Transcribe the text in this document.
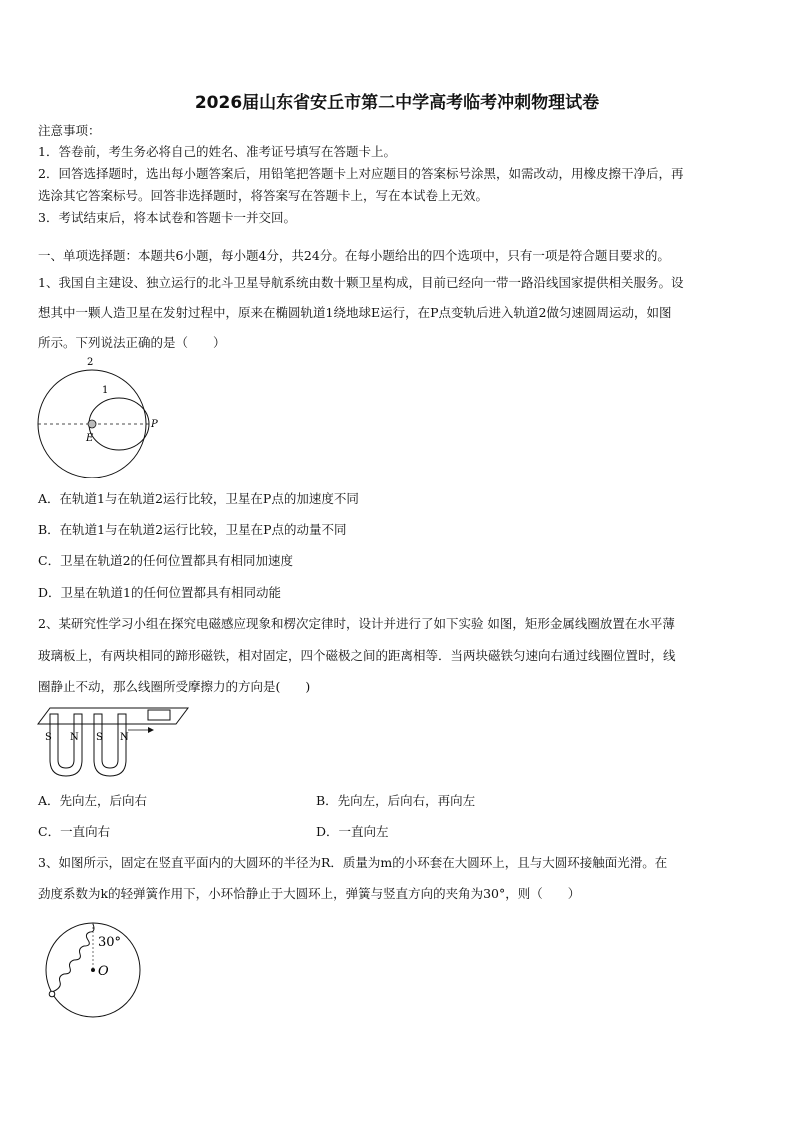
2026届山东省安丘市第二中学高考临考冲刺物理试卷
注意事项：
1．答卷前，考生务必将自己的姓名、准考证号填写在答题卡上。
2．回答选择题时，选出每小题答案后，用铅笔把答题卡上对应题目的答案标号涂黑，如需改动，用橡皮擦干净后，再
选涂其它答案标号。回答非选择题时，将答案写在答题卡上，写在本试卷上无效。
3．考试结束后，将本试卷和答题卡一并交回。
一、单项选择题：本题共6小题，每小题4分，共24分。在每小题给出的四个选项中，只有一项是符合题目要求的。
1、我国自主建设、独立运行的北斗卫星导航系统由数十颗卫星构成，目前已经向一带一路沿线国家提供相关服务。设
想其中一颗人造卫星在发射过程中，原来在椭圆轨道1绕地球E运行，在P点变轨后进入轨道2做匀速圆周运动，如图
所示。下列说法正确的是（　　）
2
1
E
P
A．在轨道1与在轨道2运行比较，卫星在P点的加速度不同
B．在轨道1与在轨道2运行比较，卫星在P点的动量不同
C．卫星在轨道2的任何位置都具有相同加速度
D．卫星在轨道1的任何位置都具有相同动能
2、某研究性学习小组在探究电磁感应现象和楞次定律时，设计并进行了如下实验 如图，矩形金属线圈放置在水平薄
玻璃板上，有两块相同的蹄形磁铁，相对固定，四个磁极之间的距离相等．当两块磁铁匀速向右通过线圈位置时，线
圈静止不动，那么线圈所受摩擦力的方向是(　　)
S N S N
A．先向左，后向右	B．先向左，后向右，再向左
C．一直向右	D．一直向左
3、如图所示，固定在竖直平面内的大圆环的半径为R．质量为m的小环套在大圆环上，且与大圆环接触面光滑。在
劲度系数为k的轻弹簧作用下，小环恰静止于大圆环上，弹簧与竖直方向的夹角为30°，则（　　）
30°
O
